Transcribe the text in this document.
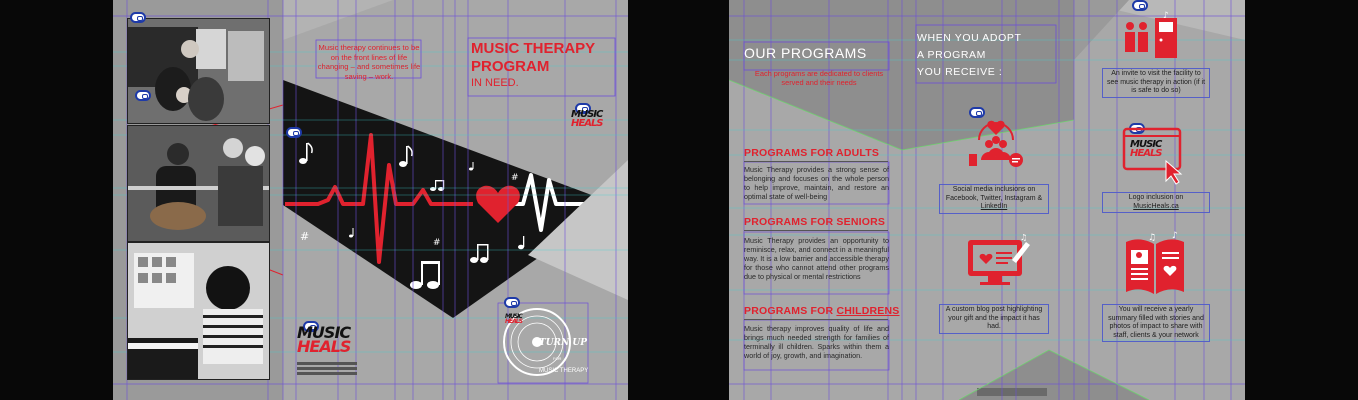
#	#
#
Music therapy continues to be on the front lines of life changing – and sometimes life saving – work.
MUSIC THERAPY
PROGRAM
IN NEED.
MUSIC
HEALS
MUSIC
HEALS
MUSIC
HEALS
TURN UP
FOR
MUSIC THERAPY
OUR PROGRAMS
Each programs are dedicated to clients served and their needs
PROGRAMS FOR ADULTS
Music Therapy provides a strong sense of belonging and focuses on the whole person to help improve, maintain, and restore an optimal state of well-being
PROGRAMS FOR SENIORS
Music Therapy provides an opportunity to reminisce, relax, and connect in a meaningful way. It is a low barrier and accessible therapy for those who cannot attend other programs due to physical or mental restrictions
PROGRAMS FOR CHILDRENS
Music therapy improves quality of life and brings much needed strength for families of terminally ill children. Sparks within them a world of joy, growth, and imagination.
WHEN YOU ADOPT
A PROGRAM
YOU RECEIVE :
Social media inclusions on Facebook, Twitter, Instagram & LinkedIn
♫
A custom blog post highlighting your gift and the impact it has had.
♪
An invite to visit the facility to see music therapy in action (if it is safe to do so)
MUSIC
HEALS
Logo inclusion on
MusicHeals.ca
♫ ♪
You will receive a yearly summary filled with stories and photos of impact to share with staff, clients & your network
